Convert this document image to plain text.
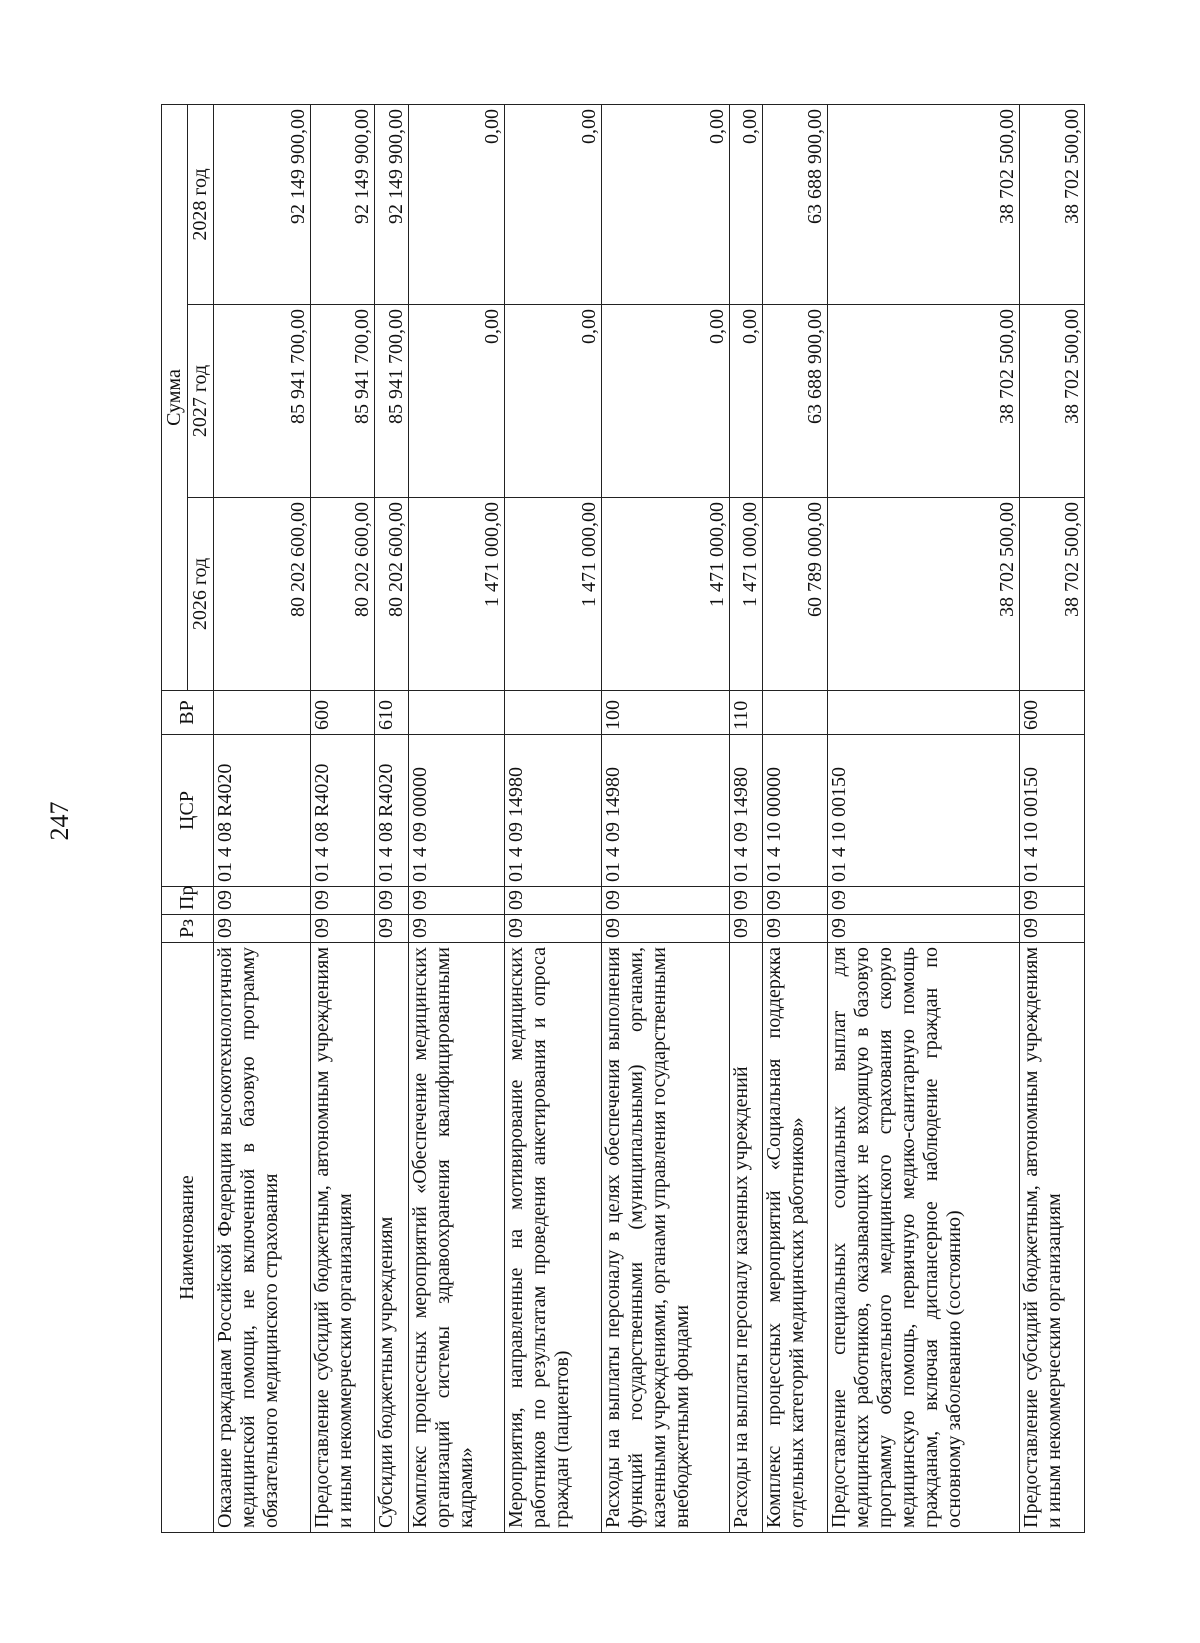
247
Наименование	Рз	Пр	ЦСР	ВР	Сумма		
					2026 год	2027 год	2028 год
Оказание гражданам Российской Федерации высокотехнологичной медицинской помощи, не включенной в базовую программу обязательного медицинского страхования	09	09	01 4 08 R4020		80 202 600,00	85 941 700,00	92 149 900,00
Предоставление субсидий бюджетным, автономным учреждениям и иным некоммерческим организациям	09	09	01 4 08 R4020	600	80 202 600,00	85 941 700,00	92 149 900,00
Субсидии бюджетным учреждениям	09	09	01 4 08 R4020	610	80 202 600,00	85 941 700,00	92 149 900,00
Комплекс процессных мероприятий «Обеспечение медицинских организаций системы здравоохранения квалифицированными кадрами»	09	09	01 4 09 00000		1 471 000,00	0,00	0,00
Мероприятия, направленные на мотивирование медицинских работников по результатам проведения анкетирования и опроса граждан (пациентов)	09	09	01 4 09 14980		1 471 000,00	0,00	0,00
Расходы на выплаты персоналу в целях обеспечения выполнения функций государственными (муниципальными) органами, казенными учреждениями, органами управления государственными внебюджетными фондами	09	09	01 4 09 14980	100	1 471 000,00	0,00	0,00
Расходы на выплаты персоналу казенных учреждений	09	09	01 4 09 14980	110	1 471 000,00	0,00	0,00
Комплекс процессных мероприятий «Социальная поддержка отдельных категорий медицинских работников»	09	09	01 4 10 00000		60 789 000,00	63 688 900,00	63 688 900,00
Предоставление специальных социальных выплат для медицинских работников, оказывающих не входящую в базовую программу обязательного медицинского страхования скорую медицинскую помощь, первичную медико-санитарную помощь гражданам, включая диспансерное наблюдение граждан по основному заболеванию (состоянию)	09	09	01 4 10 00150		38 702 500,00	38 702 500,00	38 702 500,00
Предоставление субсидий бюджетным, автономным учреждениям и иным некоммерческим организациям	09	09	01 4 10 00150	600	38 702 500,00	38 702 500,00	38 702 500,00
